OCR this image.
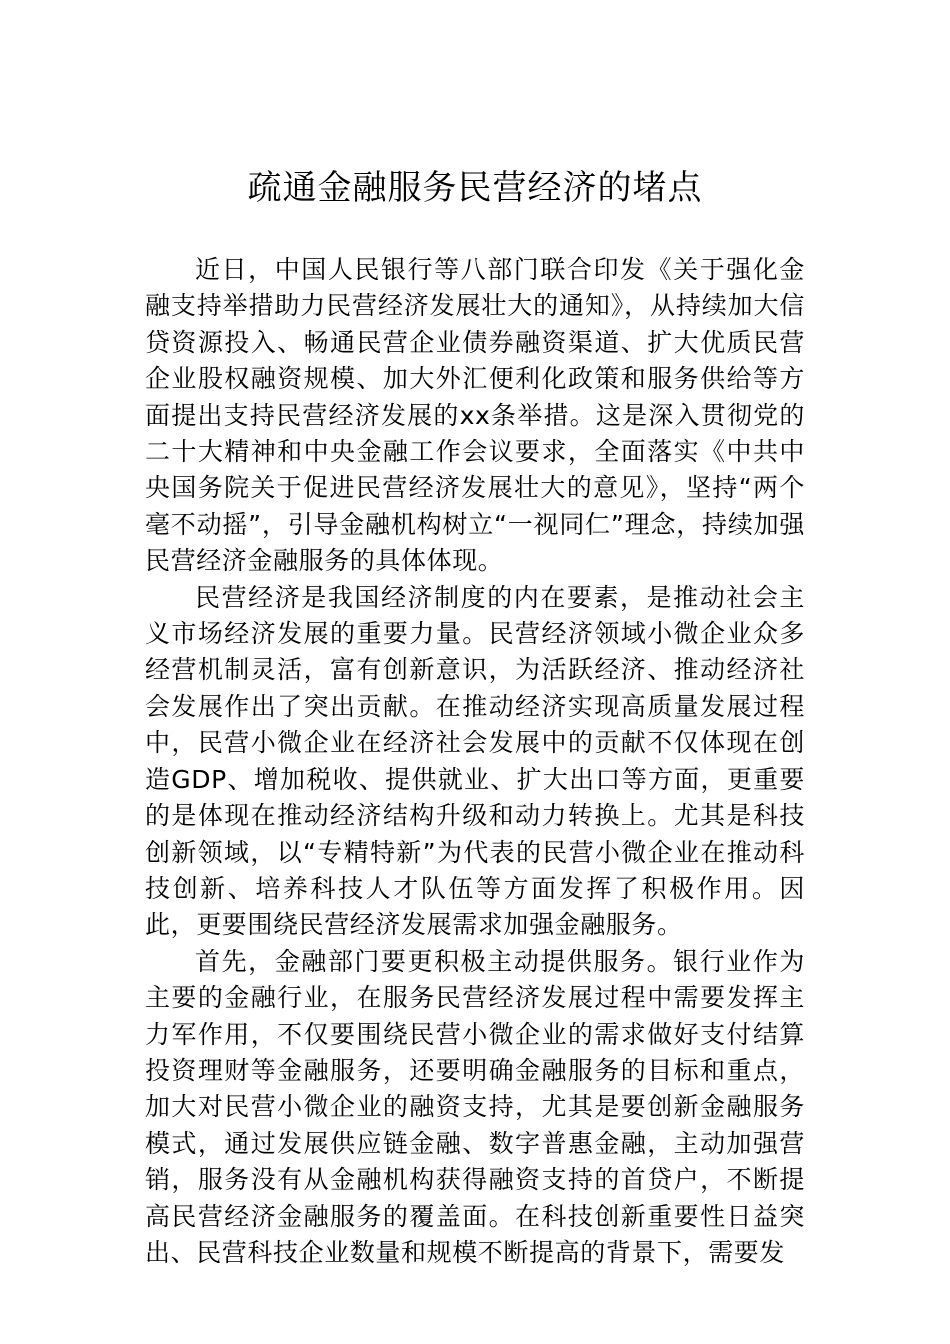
疏通金融服务民营经济的堵点

近日，中国人民银行等八部门联合印发《关于强化金融支持举措助力民营经济发展壮大的通知》，从持续加大信贷资源投入、畅通民营企业债券融资渠道、扩大优质民营企业股权融资规模、加大外汇便利化政策和服务供给等方面提出支持民营经济发展的xx条举措。这是深入贯彻党的二十大精神和中央金融工作会议要求，全面落实《中共中央国务院关于促进民营经济发展壮大的意见》，坚持“两个毫不动摇”，引导金融机构树立“一视同仁”理念，持续加强民营经济金融服务的具体体现。

民营经济是我国经济制度的内在要素，是推动社会主义市场经济发展的重要力量。民营经济领域小微企业众多经营机制灵活，富有创新意识，为活跃经济、推动经济社会发展作出了突出贡献。在推动经济实现高质量发展过程中，民营小微企业在经济社会发展中的贡献不仅体现在创造GDP、增加税收、提供就业、扩大出口等方面，更重要的是体现在推动经济结构升级和动力转换上。尤其是科技创新领域，以“专精特新”为代表的民营小微企业在推动科技创新、培养科技人才队伍等方面发挥了积极作用。因此，更要围绕民营经济发展需求加强金融服务。

首先，金融部门要更积极主动提供服务。银行业作为主要的金融行业，在服务民营经济发展过程中需要发挥主力军作用，不仅要围绕民营小微企业的需求做好支付结算投资理财等金融服务，还要明确金融服务的目标和重点，加大对民营小微企业的融资支持，尤其是要创新金融服务模式，通过发展供应链金融、数字普惠金融，主动加强营销，服务没有从金融机构获得融资支持的首贷户，不断提高民营经济金融服务的覆盖面。在科技创新重要性日益突出、民营科技企业数量和规模不断提高的背景下，需要发
